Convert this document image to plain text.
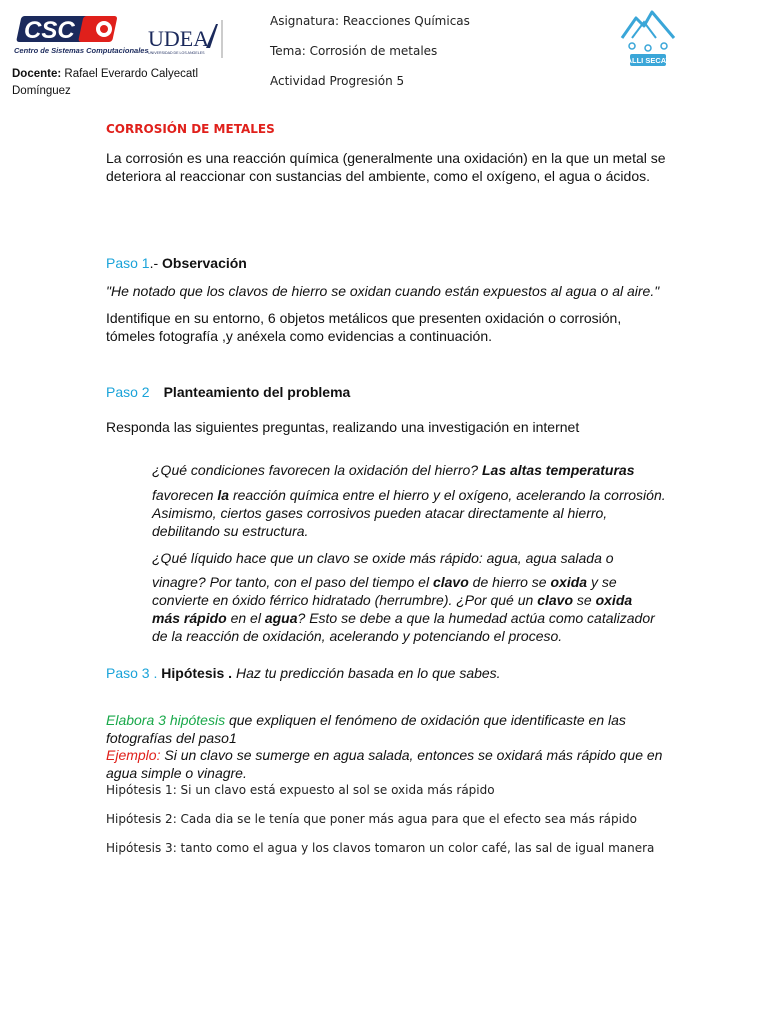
CSC
Centro de Sistemas Computacionales UDEA
UNIVERSIDAD DE LOS ANGELES
Asignatura: Reacciones Químicas
Tema: Corrosión de metales
Actividad Progresión 5
CALLI SECATL
Docente: Rafael Everardo Calyecatl Domínguez
CORROSIÓN DE METALES
La corrosión es una reacción química (generalmente una oxidación) en la que un metal se deteriora al reaccionar con sustancias del ambiente, como el oxígeno, el agua o ácidos.
Paso 1.- Observación
"He notado que los clavos de hierro se oxidan cuando están expuestos al agua o al aire."
Identifique en su entorno, 6 objetos metálicos que presenten oxidación o corrosión, tómeles fotografía ,y anéxela como evidencias a continuación.
Paso 2 Planteamiento del problema
Responda las siguientes preguntas, realizando una investigación en internet
¿Qué condiciones favorecen la oxidación del hierro? Las altas temperaturas
favorecen la reacción química entre el hierro y el oxígeno, acelerando la corrosión. Asimismo, ciertos gases corrosivos pueden atacar directamente al hierro, debilitando su estructura.
¿Qué líquido hace que un clavo se oxide más rápido: agua, agua salada o
vinagre? Por tanto, con el paso del tiempo el clavo de hierro se oxida y se convierte en óxido férrico hidratado (herrumbre). ¿Por qué un clavo se oxida más rápido en el agua? Esto se debe a que la humedad actúa como catalizador de la reacción de oxidación, acelerando y potenciando el proceso.
Paso 3 . Hipótesis . Haz tu predicción basada en lo que sabes.
Elabora 3 hipótesis que expliquen el fenómeno de oxidación que identificaste en las fotografías del paso1
Ejemplo: Si un clavo se sumerge en agua salada, entonces se oxidará más rápido que en agua simple o vinagre.
Hipótesis 1: Si un clavo está expuesto al sol se oxida más rápido
Hipótesis 2: Cada dia se le tenía que poner más agua para que el efecto sea más rápido
Hipótesis 3: tanto como el agua y los clavos tomaron un color café, las sal de igual manera
